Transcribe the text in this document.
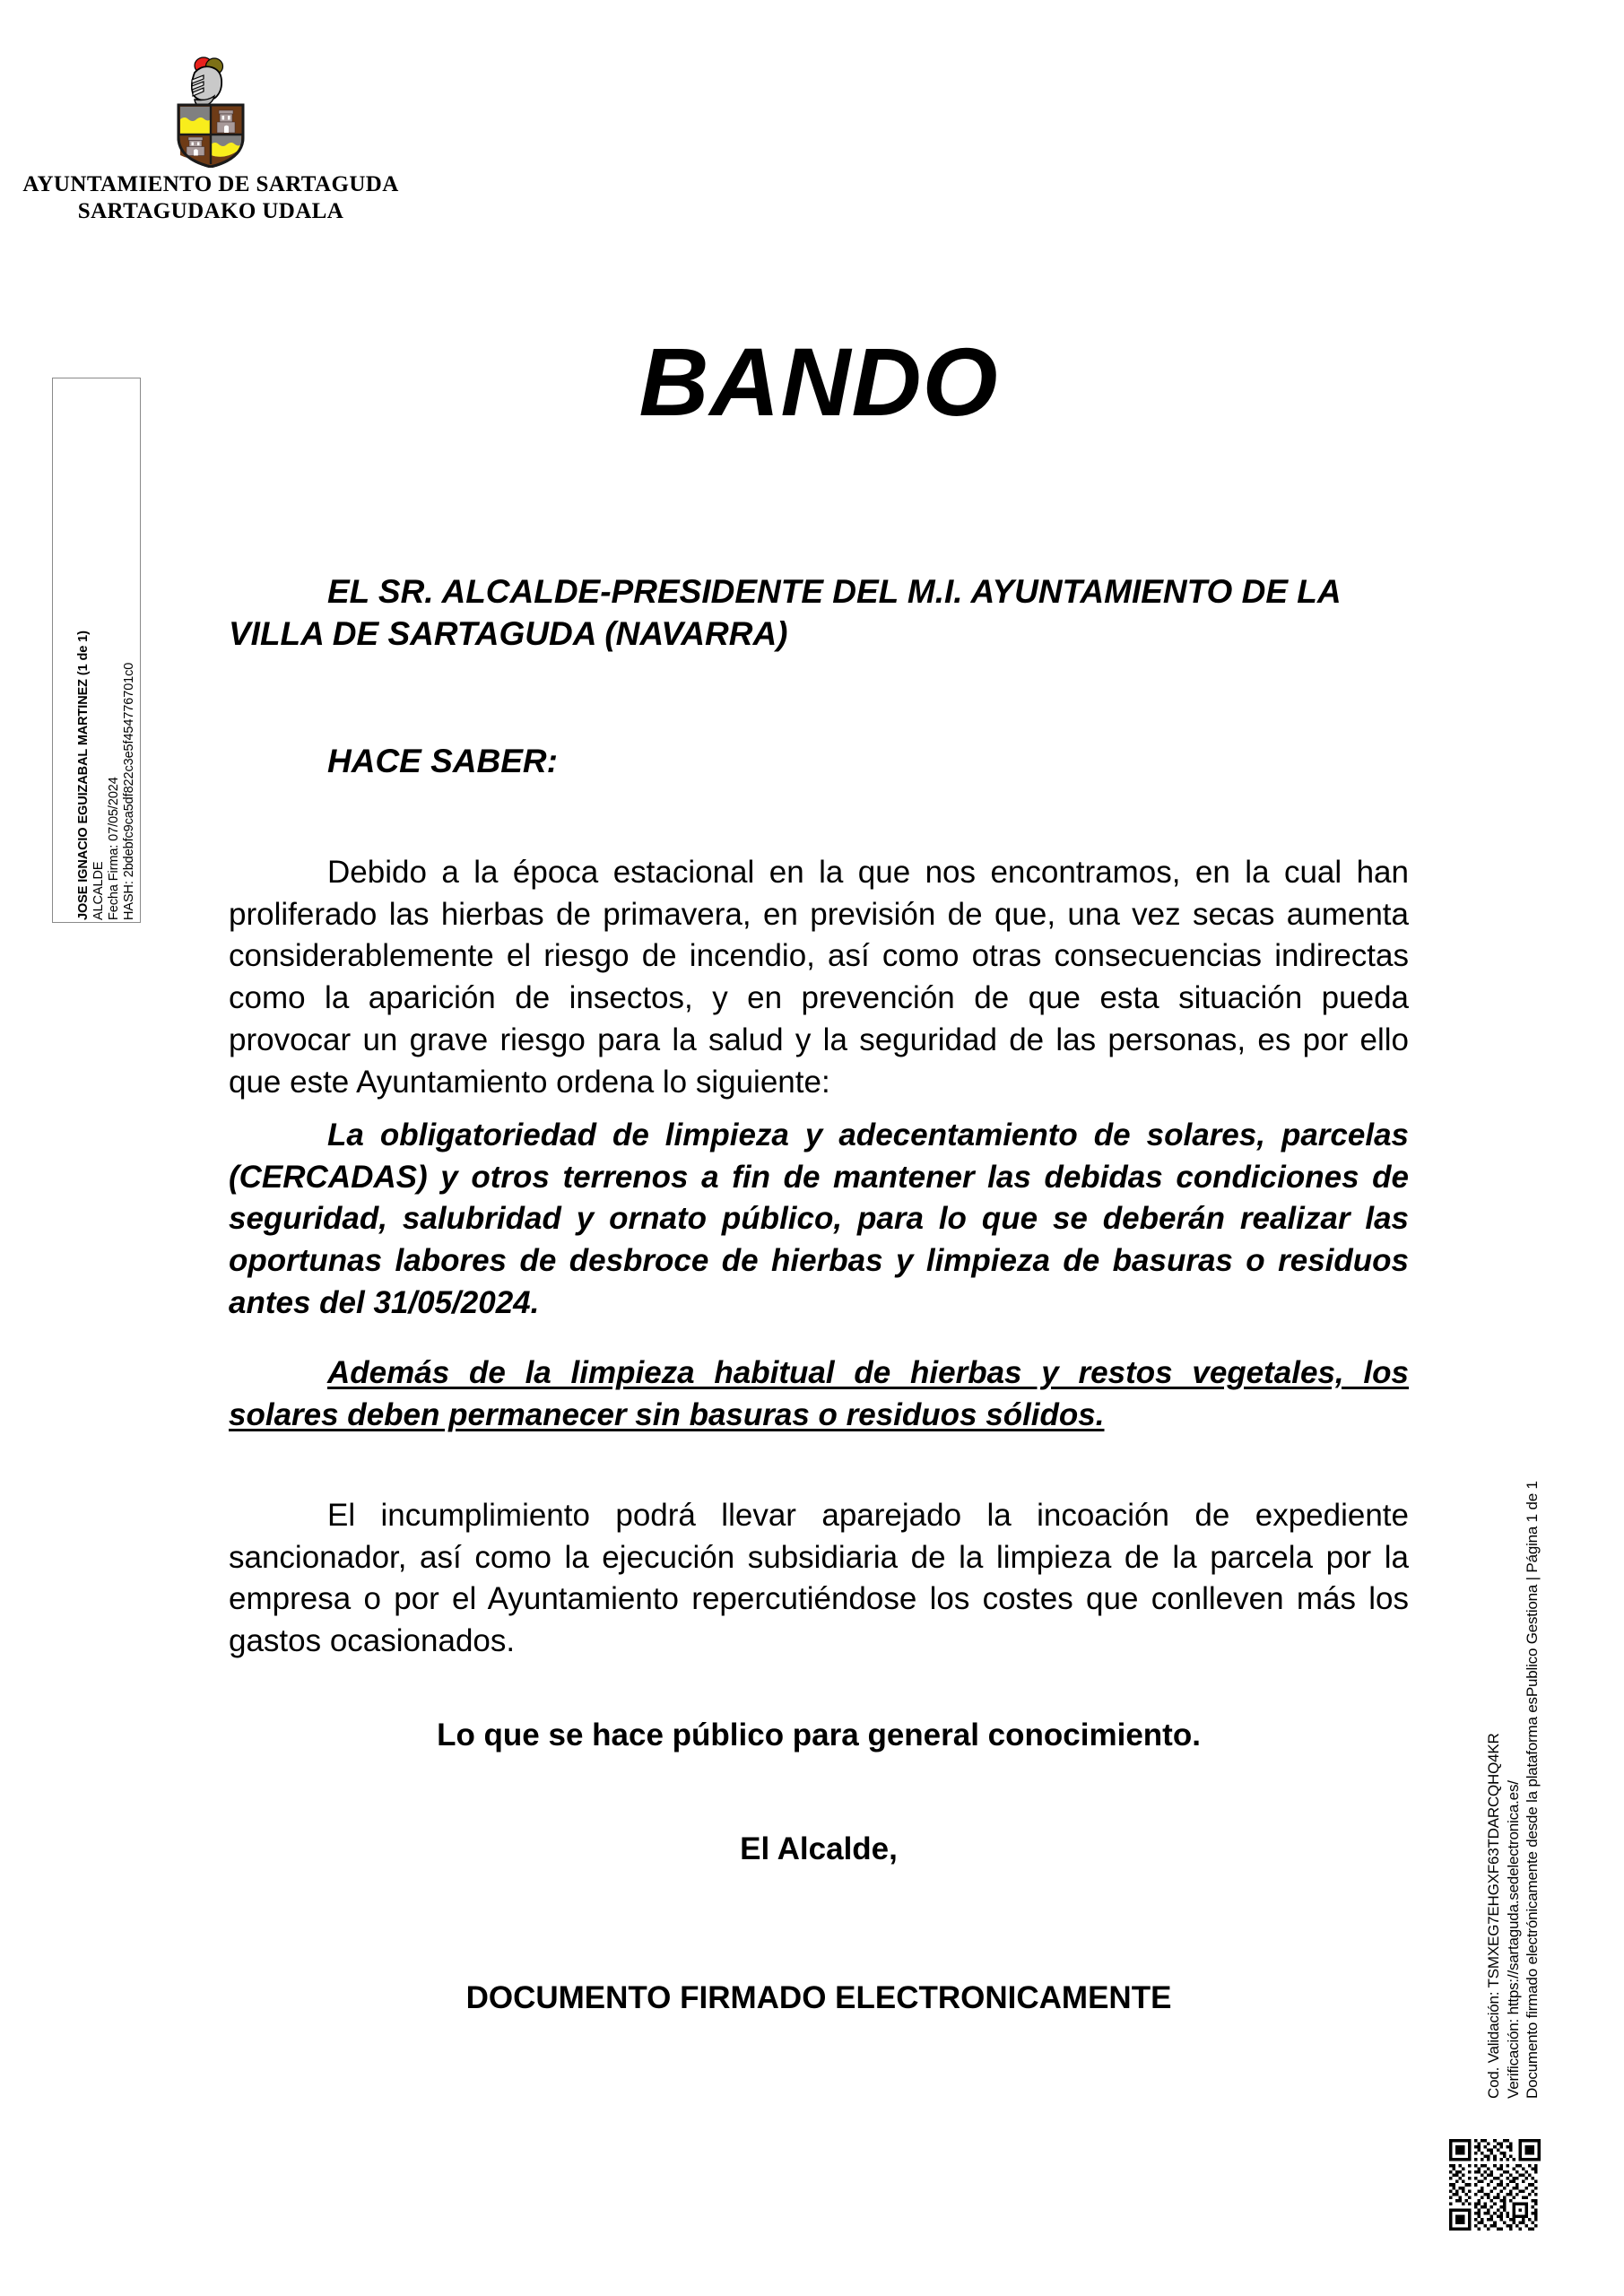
AYUNTAMIENTO DE SARTAGUDA
SARTAGUDAKO UDALA
JOSE IGNACIO EGUIZABAL MARTINEZ (1 de 1) ALCALDE Fecha Firma: 07/05/2024 HASH: 2bdebfc9ca5df822c3e5f454776701c0
BANDO
EL SR. ALCALDE-PRESIDENTE DEL M.I. AYUNTAMIENTO DE LA VILLA DE SARTAGUDA (NAVARRA)
HACE SABER:
Debido a la época estacional en la que nos encontramos, en la cual han proliferado las hierbas de primavera, en previsión de que, una vez secas aumenta considerablemente el riesgo de incendio, así como otras consecuencias indirectas como la aparición de insectos, y en prevención de que esta situación pueda provocar un grave riesgo para la salud y la seguridad de las personas, es por ello que este Ayuntamiento ordena lo siguiente:
La obligatoriedad de limpieza y adecentamiento de solares, parcelas (CERCADAS) y otros terrenos a fin de mantener las debidas condiciones de seguridad, salubridad y ornato público, para lo que se deberán realizar las oportunas labores de desbroce de hierbas y limpieza de basuras o residuos antes del 31/05/2024.
Además de la limpieza habitual de hierbas y restos vegetales, los solares deben permanecer sin basuras o residuos sólidos.
El incumplimiento podrá llevar aparejado la incoación de expediente sancionador, así como la ejecución subsidiaria de la limpieza de la parcela por la empresa o por el Ayuntamiento repercutiéndose los costes que conlleven más los gastos ocasionados.
Lo que se hace público para general conocimiento.
El Alcalde,
DOCUMENTO FIRMADO ELECTRONICAMENTE	Cod. Validación: TSMXEG7EHGXF63TDARCQHQ4KR Verificación: https://sartaguda.sedelectronica.es/ Documento firmado electrónicamente desde la plataforma esPublico Gestiona | Página 1 de 1
